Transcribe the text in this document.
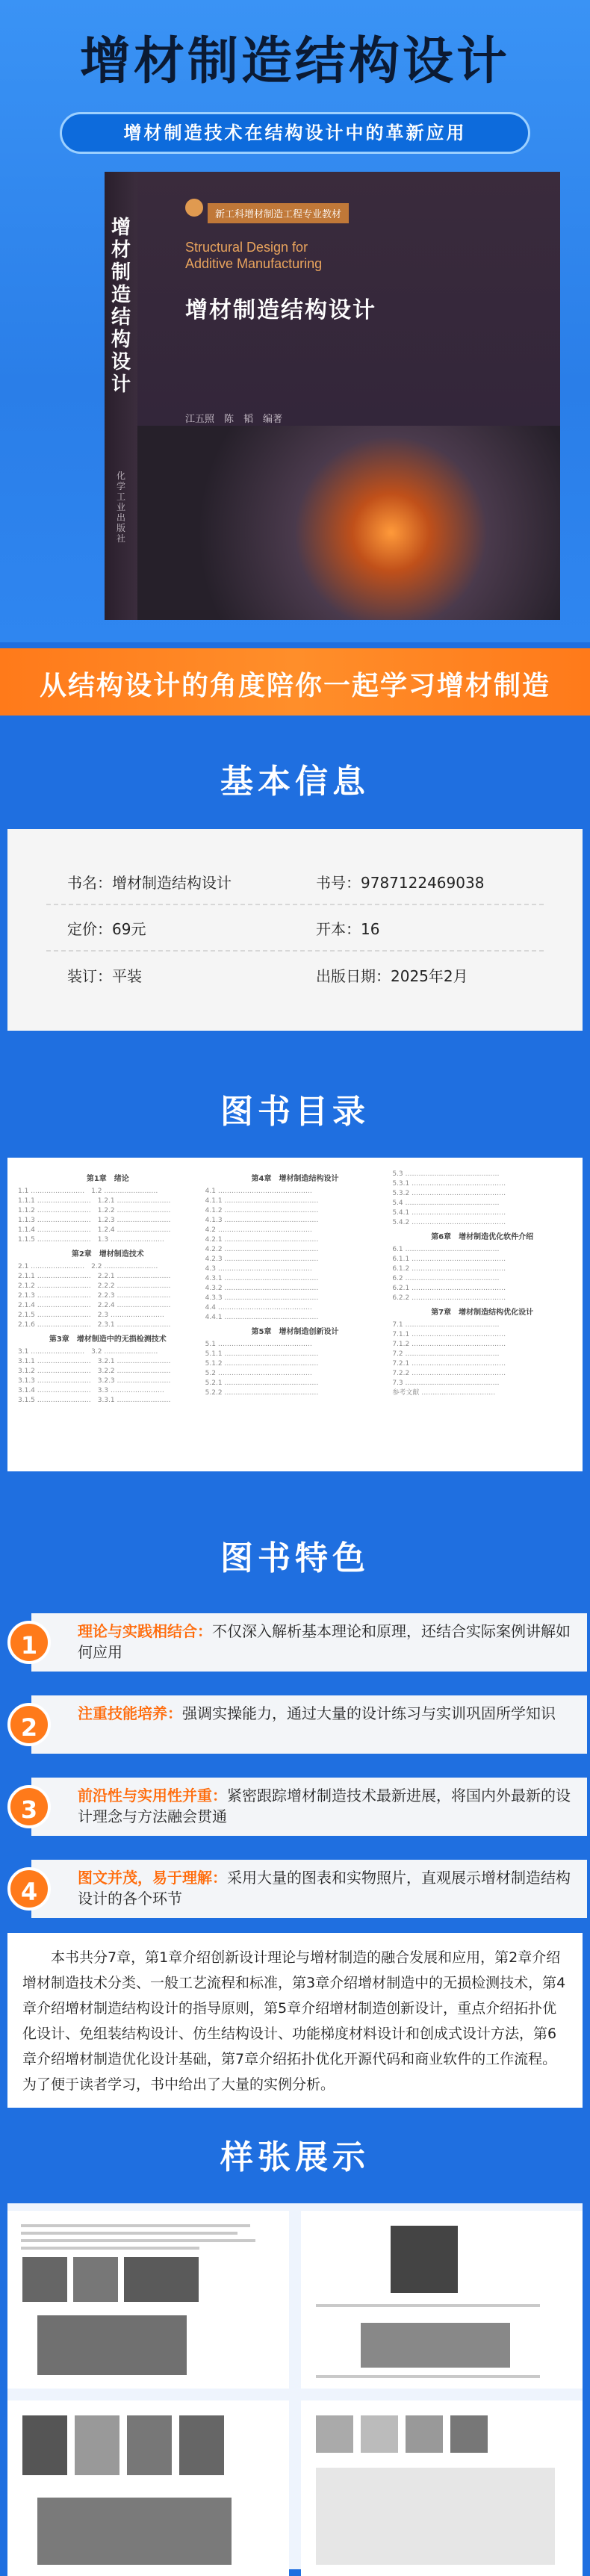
增材制造结构设计
增材制造技术在结构设计中的革新应用
增材制造结构设计
化学工业出版社
新工科增材制造工程专业教材
Structural Design for
Additive Manufacturing
增材制造结构设计
江五照　陈　韬　编著
从结构设计的角度陪你一起学习增材制造
基本信息
书名：增材制造结构设计	书号：9787122469038
定价：69元	开本：16
装订：平装	出版日期：2025年2月
图书目录
第1章　绪论
1.1 ……………………　1.2 ……………………
1.1.1 ……………………　1.2.1 ……………………
1.1.2 ……………………　1.2.2 ……………………
1.1.3 ……………………　1.2.3 ……………………
1.1.4 ……………………　1.2.4 ……………………
1.1.5 ……………………　1.3 ……………………
第2章　增材制造技术
2.1 ……………………　2.2 ……………………
2.1.1 ……………………　2.2.1 ……………………
2.1.2 ……………………　2.2.2 ……………………
2.1.3 ……………………　2.2.3 ……………………
2.1.4 ……………………　2.2.4 ……………………
2.1.5 ……………………　2.3 ……………………
2.1.6 ……………………　2.3.1 ……………………
第3章　增材制造中的无损检测技术
3.1 ……………………　3.2 ……………………
3.1.1 ……………………　3.2.1 ……………………
3.1.2 ……………………　3.2.2 ……………………
3.1.3 ……………………　3.2.3 ……………………
3.1.4 ……………………　3.3 ……………………
3.1.5 ……………………　3.3.1 ……………………
第4章　增材制造结构设计
4.1 ……………………………………
4.1.1 ……………………………………
4.1.2 ……………………………………
4.1.3 ……………………………………
4.2 ……………………………………
4.2.1 ……………………………………
4.2.2 ……………………………………
4.2.3 ……………………………………
4.3 ……………………………………
4.3.1 ……………………………………
4.3.2 ……………………………………
4.3.3 ……………………………………
4.4 ……………………………………
4.4.1 ……………………………………
第5章　增材制造创新设计
5.1 ……………………………………
5.1.1 ……………………………………
5.1.2 ……………………………………
5.2 ……………………………………
5.2.1 ……………………………………
5.2.2 ……………………………………
5.3 ……………………………………
5.3.1 ……………………………………
5.3.2 ……………………………………
5.4 ……………………………………
5.4.1 ……………………………………
5.4.2 ……………………………………
第6章　增材制造优化软件介绍
6.1 ……………………………………
6.1.1 ……………………………………
6.1.2 ……………………………………
6.2 ……………………………………
6.2.1 ……………………………………
6.2.2 ……………………………………
第7章　增材制造结构优化设计
7.1 ……………………………………
7.1.1 ……………………………………
7.1.2 ……………………………………
7.2 ……………………………………
7.2.1 ……………………………………
7.2.2 ……………………………………
7.3 ……………………………………
参考文献 ……………………………
图书特色
理论与实践相结合：不仅深入解析基本理论和原理，还结合实际案例讲解如何应用
1
注重技能培养：强调实操能力，通过大量的设计练习与实训巩固所学知识
2
前沿性与实用性并重：紧密跟踪增材制造技术最新进展，将国内外最新的设计理念与方法融会贯通
3
图文并茂，易于理解：采用大量的图表和实物照片，直观展示增材制造结构设计的各个环节
4
本书共分7章，第1章介绍创新设计理论与增材制造的融合发展和应用，第2章介绍增材制造技术分类、一般工艺流程和标准，第3章介绍增材制造中的无损检测技术，第4章介绍增材制造结构设计的指导原则，第5章介绍增材制造创新设计，重点介绍拓扑优化设计、免组装结构设计、仿生结构设计、功能梯度材料设计和创成式设计方法，第6章介绍增材制造优化设计基础，第7章介绍拓扑优化开源代码和商业软件的工作流程。为了便于读者学习，书中给出了大量的实例分析。
样张展示
